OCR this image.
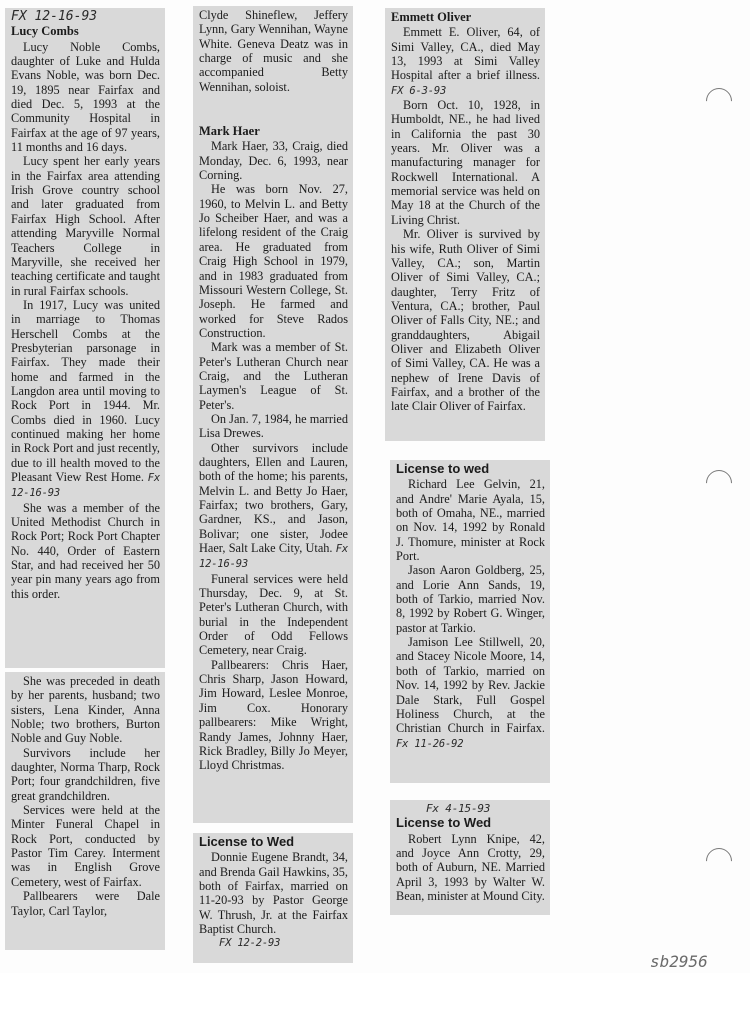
FX 12-16-93
Lucy Combs

Lucy Noble Combs, daughter of Luke and Hulda Evans Noble, was born Dec. 19, 1895 near Fairfax and died Dec. 5, 1993 at the Community Hospital in Fairfax at the age of 97 years, 11 months and 16 days.

Lucy spent her early years in the Fairfax area attending Irish Grove country school and later graduated from Fairfax High School. After attending Maryville Normal Teachers College in Maryville, she received her teaching certificate and taught in rural Fairfax schools.

In 1917, Lucy was united in marriage to Thomas Herschell Combs at the Presbyterian parsonage in Fairfax. They made their home and farmed in the Langdon area until moving to Rock Port in 1944. Mr. Combs died in 1960. Lucy continued making her home in Rock Port and just recently, due to ill health moved to the Pleasant View Rest Home. Fx 12-16-93

She was a member of the United Methodist Church in Rock Port; Rock Port Chapter No. 440, Order of Eastern Star, and had received her 50 year pin many years ago from this order.

She was preceded in death by her parents, husband; two sisters, Lena Kinder, Anna Noble; two brothers, Burton Noble and Guy Noble.

Survivors include her daughter, Norma Tharp, Rock Port; four grandchildren, five great grandchildren.

Services were held at the Minter Funeral Chapel in Rock Port, conducted by Pastor Tim Carey. Interment was in English Grove Cemetery, west of Fairfax.

Pallbearers were Dale Taylor, Carl Taylor,

Clyde Shineflew, Jeffery Lynn, Gary Wennihan, Wayne White. Geneva Deatz was in charge of music and she accompanied Betty Wennihan, soloist.

Mark Haer

Mark Haer, 33, Craig, died Monday, Dec. 6, 1993, near Corning.

He was born Nov. 27, 1960, to Melvin L. and Betty Jo Scheiber Haer, and was a lifelong resident of the Craig area. He graduated from Craig High School in 1979, and in 1983 graduated from Missouri Western College, St. Joseph. He farmed and worked for Steve Rados Construction.

Mark was a member of St. Peter's Lutheran Church near Craig, and the Lutheran Laymen's League of St. Peter's.

On Jan. 7, 1984, he married Lisa Drewes.

Other survivors include daughters, Ellen and Lauren, both of the home; his parents, Melvin L. and Betty Jo Haer, Fairfax; two brothers, Gary, Gardner, KS., and Jason, Bolivar; one sister, Jodee Haer, Salt Lake City, Utah. Fx 12-16-93

Funeral services were held Thursday, Dec. 9, at St. Peter's Lutheran Church, with burial in the Independent Order of Odd Fellows Cemetery, near Craig.

Pallbearers: Chris Haer, Chris Sharp, Jason Howard, Jim Howard, Leslee Monroe, Jim Cox. Honorary pallbearers: Mike Wright, Randy James, Johnny Haer, Rick Bradley, Billy Jo Meyer, Lloyd Christmas.

License to Wed

Donnie Eugene Brandt, 34, and Brenda Gail Hawkins, 35, both of Fairfax, married on 11-20-93 by Pastor George W. Thrush, Jr. at the Fairfax Baptist Church.

FX 12-2-93
Emmett Oliver

Emmett E. Oliver, 64, of Simi Valley, CA., died May 13, 1993 at Simi Valley Hospital after a brief illness. FX 6-3-93

Born Oct. 10, 1928, in Humboldt, NE., he had lived in California the past 30 years. Mr. Oliver was a manufacturing manager for Rockwell International. A memorial service was held on May 18 at the Church of the Living Christ.

Mr. Oliver is survived by his wife, Ruth Oliver of Simi Valley, CA.; son, Martin Oliver of Simi Valley, CA.; daughter, Terry Fritz of Ventura, CA.; brother, Paul Oliver of Falls City, NE.; and granddaughters, Abigail Oliver and Elizabeth Oliver of Simi Valley, CA. He was a nephew of Irene Davis of Fairfax, and a brother of the late Clair Oliver of Fairfax.

License to wed

Richard Lee Gelvin, 21, and Andre' Marie Ayala, 15, both of Omaha, NE., married on Nov. 14, 1992 by Ronald J. Thomure, minister at Rock Port.

Jason Aaron Goldberg, 25, and Lorie Ann Sands, 19, both of Tarkio, married Nov. 8, 1992 by Robert G. Winger, pastor at Tarkio.

Jamison Lee Stillwell, 20, and Stacey Nicole Moore, 14, both of Tarkio, married on Nov. 14, 1992 by Rev. Jackie Dale Stark, Full Gospel Holiness Church, at the Christian Church in Fairfax. Fx 11-26-92

Fx 4-15-93
License to Wed

Robert Lynn Knipe, 42, and Joyce Ann Crotty, 29, both of Auburn, NE. Married April 3, 1993 by Walter W. Bean, minister at Mound City.

sb2956
